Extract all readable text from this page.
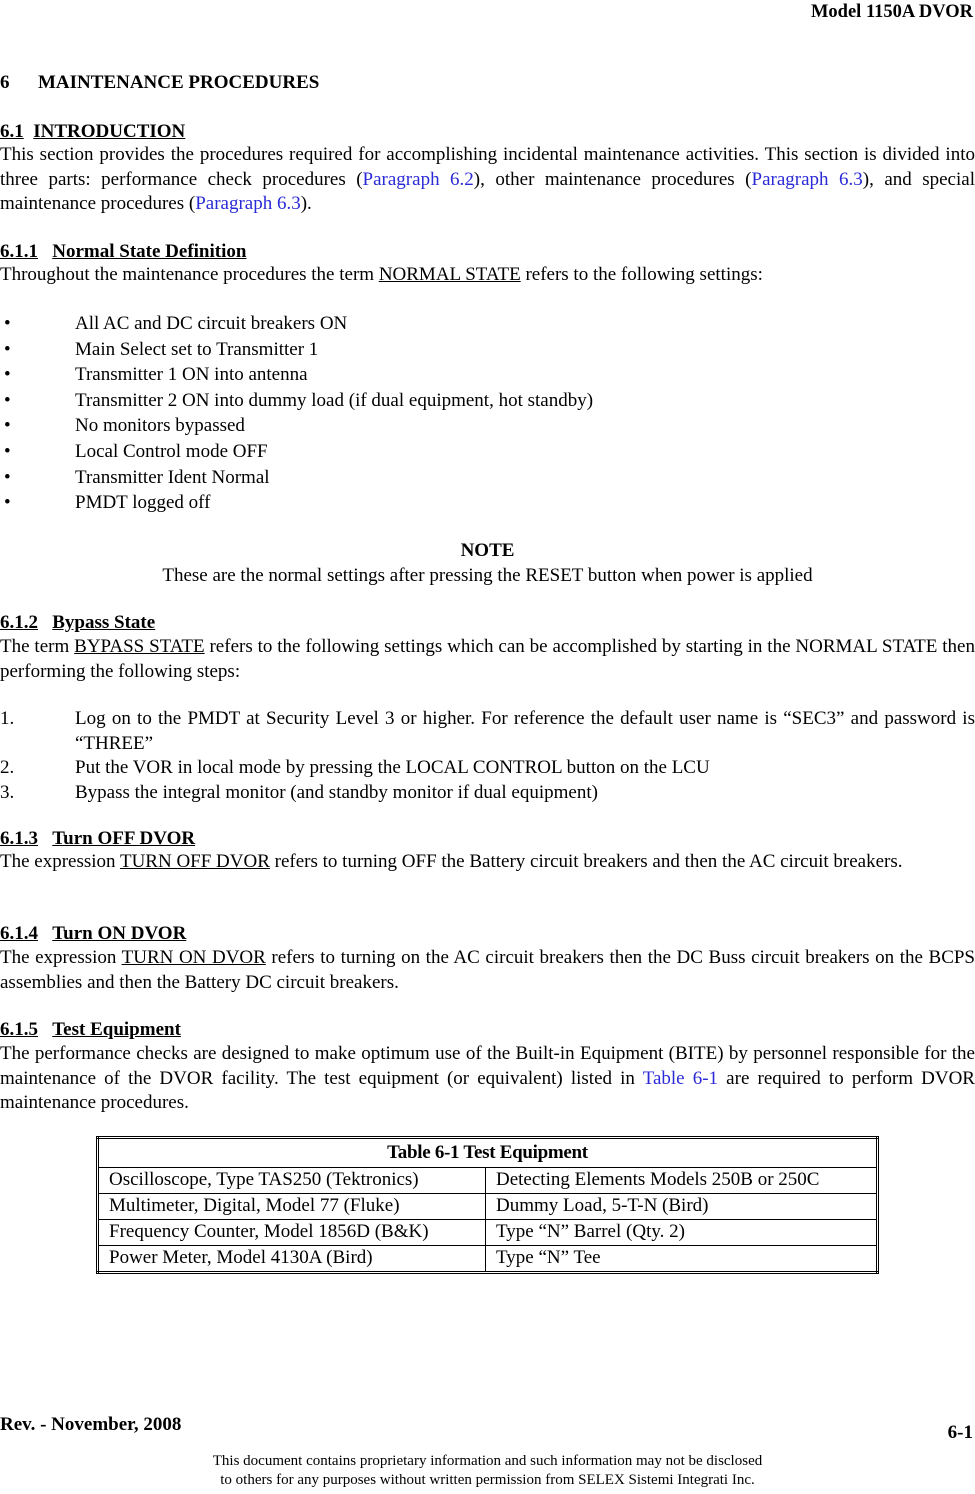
Model 1150A DVOR
6 MAINTENANCE PROCEDURES
6.1 INTRODUCTION
This section provides the procedures required for accomplishing incidental maintenance activities. This section is divided into three parts: performance check procedures (Paragraph 6.2), other maintenance procedures (Paragraph 6.3), and special maintenance procedures (Paragraph 6.3).
6.1.1 Normal State Definition
Throughout the maintenance procedures the term NORMAL STATE refers to the following settings:
•	All AC and DC circuit breakers ON
•	Main Select set to Transmitter 1
•	Transmitter 1 ON into antenna
•	Transmitter 2 ON into dummy load (if dual equipment, hot standby)
•	No monitors bypassed
•	Local Control mode OFF
•	Transmitter Ident Normal
•	PMDT logged off
NOTE
These are the normal settings after pressing the RESET button when power is applied
6.1.2 Bypass State
The term BYPASS STATE refers to the following settings which can be accomplished by starting in the NORMAL STATE then performing the following steps:
1.	Log on to the PMDT at Security Level 3 or higher. For reference the default user name is “SEC3” and password is “THREE”
2.	Put the VOR in local mode by pressing the LOCAL CONTROL button on the LCU
3.	Bypass the integral monitor (and standby monitor if dual equipment)
6.1.3 Turn OFF DVOR
The expression TURN OFF DVOR refers to turning OFF the Battery circuit breakers and then the AC circuit breakers.
6.1.4 Turn ON DVOR
The expression TURN ON DVOR refers to turning on the AC circuit breakers then the DC Buss circuit breakers on the BCPS assemblies and then the Battery DC circuit breakers.
6.1.5 Test Equipment
The performance checks are designed to make optimum use of the Built-in Equipment (BITE) by personnel responsible for the maintenance of the DVOR facility. The test equipment (or equivalent) listed in Table 6-1 are required to perform DVOR maintenance procedures.
Table 6-1 Test Equipment	
Oscilloscope, Type TAS250 (Tektronics)	Detecting Elements Models 250B or 250C
Multimeter, Digital, Model 77 (Fluke)	Dummy Load, 5-T-N (Bird)
Frequency Counter, Model 1856D (B&K)	Type “N” Barrel (Qty. 2)
Power Meter, Model 4130A (Bird)	Type “N” Tee
Rev. - November, 2008	6-1
This document contains proprietary information and such information may not be disclosed
to others for any purposes without written permission from SELEX Sistemi Integrati Inc.
